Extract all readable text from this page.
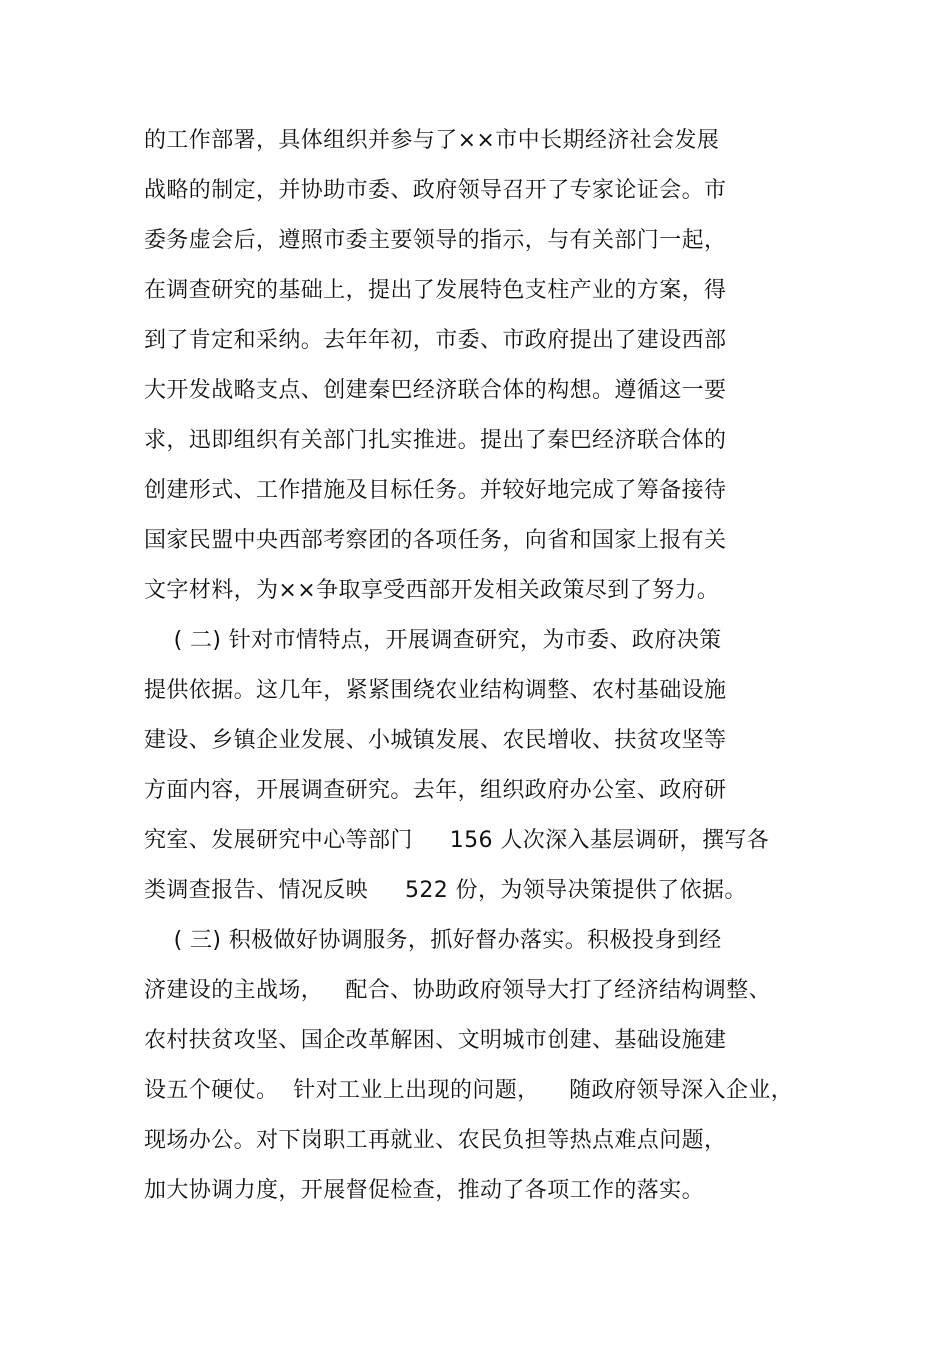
的工作部署，具体组织并参与了××市中长期经济社会发展
战略的制定，并协助市委、政府领导召开了专家论证会。市
委务虚会后，遵照市委主要领导的指示，与有关部门一起，
在调查研究的基础上，提出了发展特色支柱产业的方案，得
到了肯定和采纳。去年年初，市委、市政府提出了建设西部
大开发战略支点、创建秦巴经济联合体的构想。遵循这一要
求，迅即组织有关部门扎实推进。提出了秦巴经济联合体的
创建形式、工作措施及目标任务。并较好地完成了筹备接待
国家民盟中央西部考察团的各项任务，向省和国家上报有关
文字材料，为××争取享受西部开发相关政策尽到了努力。
( 二) 针对市情特点，开展调查研究，为市委、政府决策
提供依据。这几年，紧紧围绕农业结构调整、农村基础设施
建设、乡镇企业发展、小城镇发展、农民增收、扶贫攻坚等
方面内容，开展调查研究。去年，组织政府办公室、政府研
究室、发展研究中心等部门     156 人次深入基层调研，撰写各
类调查报告、情况反映     522 份，为领导决策提供了依据。
( 三) 积极做好协调服务，抓好督办落实。积极投身到经
济建设的主战场，   配合、协助政府领导大打了经济结构调整、
农村扶贫攻坚、国企改革解困、文明城市创建、基础设施建
设五个硬仗。  针对工业上出现的问题，    随政府领导深入企业，
现场办公。对下岗职工再就业、农民负担等热点难点问题，
加大协调力度，开展督促检查，推动了各项工作的落实。
